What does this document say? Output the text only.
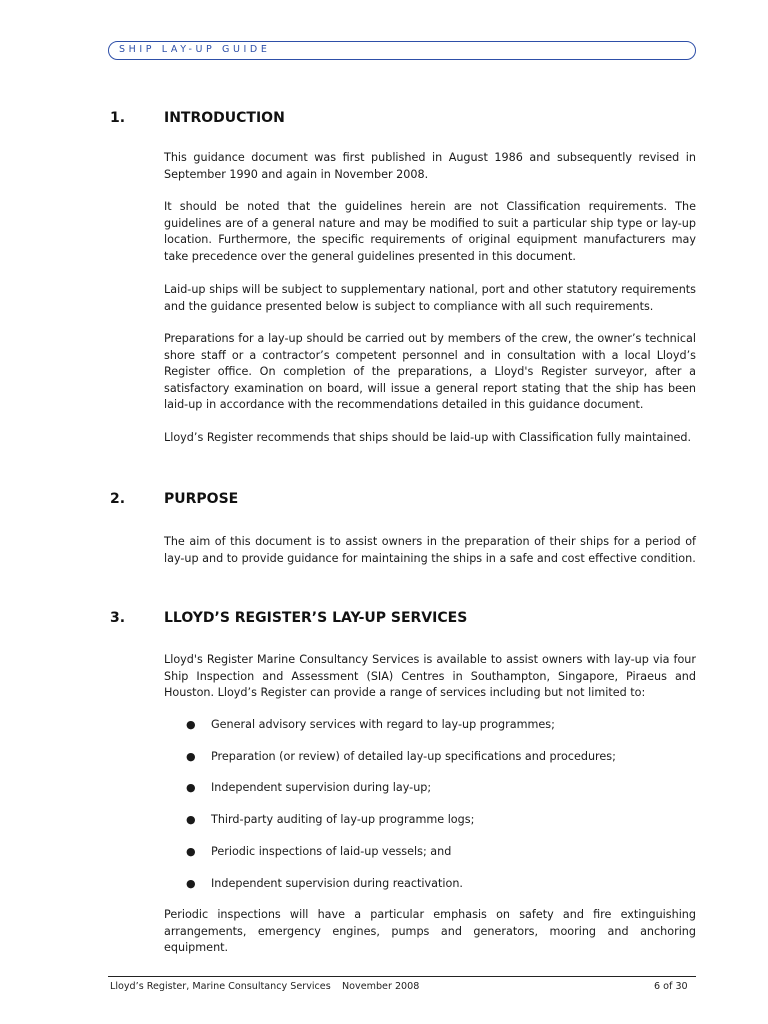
SHIP LAY-UP GUIDE
1.	INTRODUCTION

This guidance document was first published in August 1986 and subsequently revised in September 1990 and again in November 2008.

It should be noted that the guidelines herein are not Classification requirements. The guidelines are of a general nature and may be modified to suit a particular ship type or lay-up location. Furthermore, the specific requirements of original equipment manufacturers may take precedence over the general guidelines presented in this document.

Laid-up ships will be subject to supplementary national, port and other statutory requirements and the guidance presented below is subject to compliance with all such requirements.

Preparations for a lay-up should be carried out by members of the crew, the owner’s technical shore staff or a contractor’s competent personnel and in consultation with a local Lloyd’s Register office. On completion of the preparations, a Lloyd's Register surveyor, after a satisfactory examination on board, will issue a general report stating that the ship has been laid-up in accordance with the recommendations detailed in this guidance document.

Lloyd’s Register recommends that ships should be laid-up with Classification fully maintained.

2.	PURPOSE

The aim of this document is to assist owners in the preparation of their ships for a period of lay-up and to provide guidance for maintaining the ships in a safe and cost effective condition.

3.	LLOYD’S REGISTER’S LAY-UP SERVICES

Lloyd's Register Marine Consultancy Services is available to assist owners with lay-up via four Ship Inspection and Assessment (SIA) Centres in Southampton, Singapore, Piraeus and Houston. Lloyd’s Register can provide a range of services including but not limited to:

● General advisory services with regard to lay-up programmes;
● Preparation (or review) of detailed lay-up specifications and procedures;
● Independent supervision during lay-up;
● Third-party auditing of lay-up programme logs;
● Periodic inspections of laid-up vessels; and
● Independent supervision during reactivation.

Periodic inspections will have a particular emphasis on safety and fire extinguishing arrangements, emergency engines, pumps and generators, mooring and anchoring equipment.

Lloyd’s Register, Marine Consultancy Services November 2008	6 of 30
